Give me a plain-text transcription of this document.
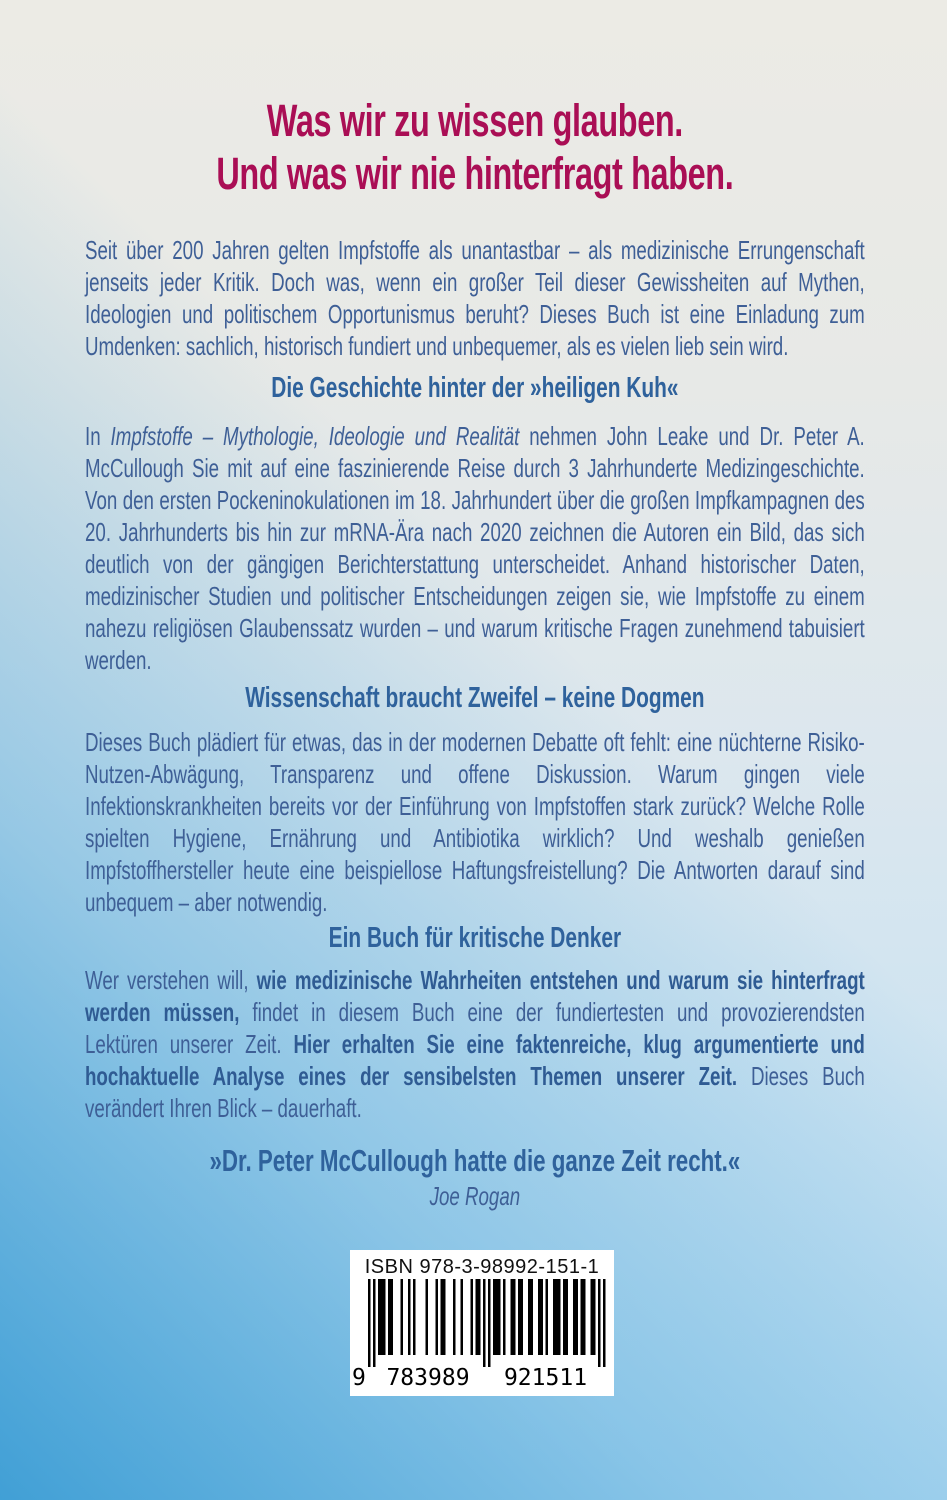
Was wir zu wissen glauben.
Und was wir nie hinterfragt haben.

Seit über 200 Jahren gelten Impfstoffe als unantastbar – als medizinische Errungenschaft jenseits jeder Kritik. Doch was, wenn ein großer Teil dieser Gewissheiten auf Mythen, Ideologien und politischem Opportunismus beruht? Dieses Buch ist eine Einladung zum Umdenken: sachlich, historisch fundiert und unbequemer, als es vielen lieb sein wird.

Die Geschichte hinter der »heiligen Kuh«

In Impfstoffe – Mythologie, Ideologie und Realität nehmen John Leake und Dr. Peter A. McCullough Sie mit auf eine faszinierende Reise durch 3 Jahrhunderte Medizingeschichte. Von den ersten Pockeninokulationen im 18. Jahrhundert über die großen Impfkampagnen des 20. Jahrhunderts bis hin zur mRNA-Ära nach 2020 zeichnen die Autoren ein Bild, das sich deutlich von der gängigen Berichterstattung unterscheidet. Anhand historischer Daten, medizinischer Studien und politischer Entscheidungen zeigen sie, wie Impfstoffe zu einem nahezu religiösen Glaubenssatz wurden – und warum kritische Fragen zunehmend tabuisiert werden.

Wissenschaft braucht Zweifel – keine Dogmen

Dieses Buch plädiert für etwas, das in der modernen Debatte oft fehlt: eine nüchterne Risiko-Nutzen-Abwägung, Transparenz und offene Diskussion. Warum gingen viele Infektionskrankheiten bereits vor der Einführung von Impfstoffen stark zurück? Welche Rolle spielten Hygiene, Ernährung und Antibiotika wirklich? Und weshalb genießen Impfstoffhersteller heute eine beispiellose Haftungsfreistellung? Die Antworten darauf sind unbequem – aber notwendig.

Ein Buch für kritische Denker

Wer verstehen will, wie medizinische Wahrheiten entstehen und warum sie hinterfragt werden müssen, findet in diesem Buch eine der fundiertesten und provozierendsten Lektüren unserer Zeit. Hier erhalten Sie eine faktenreiche, klug argumentierte und hochaktuelle Analyse eines der sensibelsten Themen unserer Zeit. Dieses Buch verändert Ihren Blick – dauerhaft.

»Dr. Peter McCullough hatte die ganze Zeit recht.«
Joe Rogan
ISBN 978-3-98992-151-1
9 783989 921511
